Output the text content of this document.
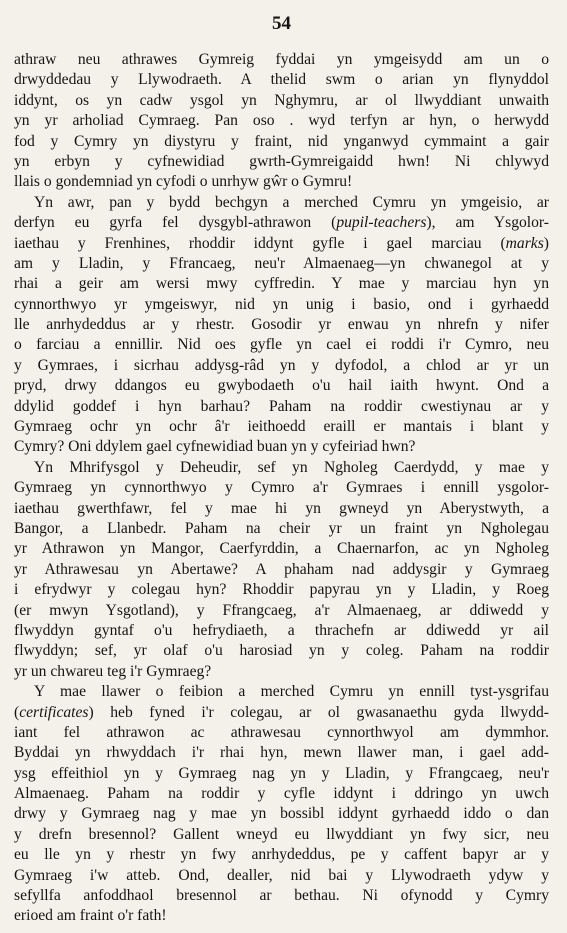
54
athraw neu athrawes Gymreig fyddai yn ymgeisydd am un o
drwyddedau y Llywodraeth. A thelid swm o arian yn flynyddol
iddynt, os yn cadw ysgol yn Nghymru, ar ol llwyddiant unwaith
yn yr arholiad Cymraeg. Pan oso . wyd terfyn ar hyn, o herwydd
fod y Cymry yn diystyru y fraint, nid ynganwyd cymmaint a gair
yn erbyn y cyfnewidiad gwrth-Gymreigaidd hwn! Ni chlywyd
llais o gondemniad yn cyfodi o unrhyw gŵr o Gymru!
Yn awr, pan y bydd bechgyn a merched Cymru yn ymgeisio, ar
derfyn eu gyrfa fel dysgybl-athrawon (pupil-teachers), am Ysgolor-
iaethau y Frenhines, rhoddir iddynt gyfle i gael marciau (marks)
am y Lladin, y Ffrancaeg, neu'r Almaenaeg—yn chwanegol at y
rhai a geir am wersi mwy cyffredin. Y mae y marciau hyn yn
cynnorthwyo yr ymgeiswyr, nid yn unig i basio, ond i gyrhaedd
lle anrhydeddus ar y rhestr. Gosodir yr enwau yn nhrefn y nifer
o farciau a ennillir. Nid oes gyfle yn cael ei roddi i'r Cymro, neu
y Gymraes, i sicrhau addysg-râd yn y dyfodol, a chlod ar yr un
pryd, drwy ddangos eu gwybodaeth o'u hail iaith hwynt. Ond a
ddylid goddef i hyn barhau? Paham na roddir cwestiynau ar y
Gymraeg ochr yn ochr â'r ieithoedd eraill er mantais i blant y
Cymry? Oni ddylem gael cyfnewidiad buan yn y cyfeiriad hwn?
Yn Mhrifysgol y Deheudir, sef yn Ngholeg Caerdydd, y mae y
Gymraeg yn cynnorthwyo y Cymro a'r Gymraes i ennill ysgolor-
iaethau gwerthfawr, fel y mae hi yn gwneyd yn Aberystwyth, a
Bangor, a Llanbedr. Paham na cheir yr un fraint yn Ngholegau
yr Athrawon yn Mangor, Caerfyrddin, a Chaernarfon, ac yn Ngholeg
yr Athrawesau yn Abertawe? A phaham nad addysgir y Gymraeg
i efrydwyr y colegau hyn? Rhoddir papyrau yn y Lladin, y Roeg
(er mwyn Ysgotland), y Ffrangcaeg, a'r Almaenaeg, ar ddiwedd y
flwyddyn gyntaf o'u hefrydiaeth, a thrachefn ar ddiwedd yr ail
flwyddyn; sef, yr olaf o'u harosiad yn y coleg. Paham na roddir
yr un chwareu teg i'r Gymraeg?
Y mae llawer o feibion a merched Cymru yn ennill tyst-ysgrifau
(certificates) heb fyned i'r colegau, ar ol gwasanaethu gyda llwydd-
iant fel athrawon ac athrawesau cynnorthwyol am dymmhor.
Byddai yn rhwyddach i'r rhai hyn, mewn llawer man, i gael add-
ysg effeithiol yn y Gymraeg nag yn y Lladin, y Ffrangcaeg, neu'r
Almaenaeg. Paham na roddir y cyfle iddynt i ddringo yn uwch
drwy y Gymraeg nag y mae yn bossibl iddynt gyrhaedd iddo o dan
y drefn bresennol? Gallent wneyd eu llwyddiant yn fwy sicr, neu
eu lle yn y rhestr yn fwy anrhydeddus, pe y caffent bapyr ar y
Gymraeg i'w atteb. Ond, dealler, nid bai y Llywodraeth ydyw y
sefyllfa anfoddhaol bresennol ar bethau. Ni ofynodd y Cymry
erioed am fraint o'r fath!
